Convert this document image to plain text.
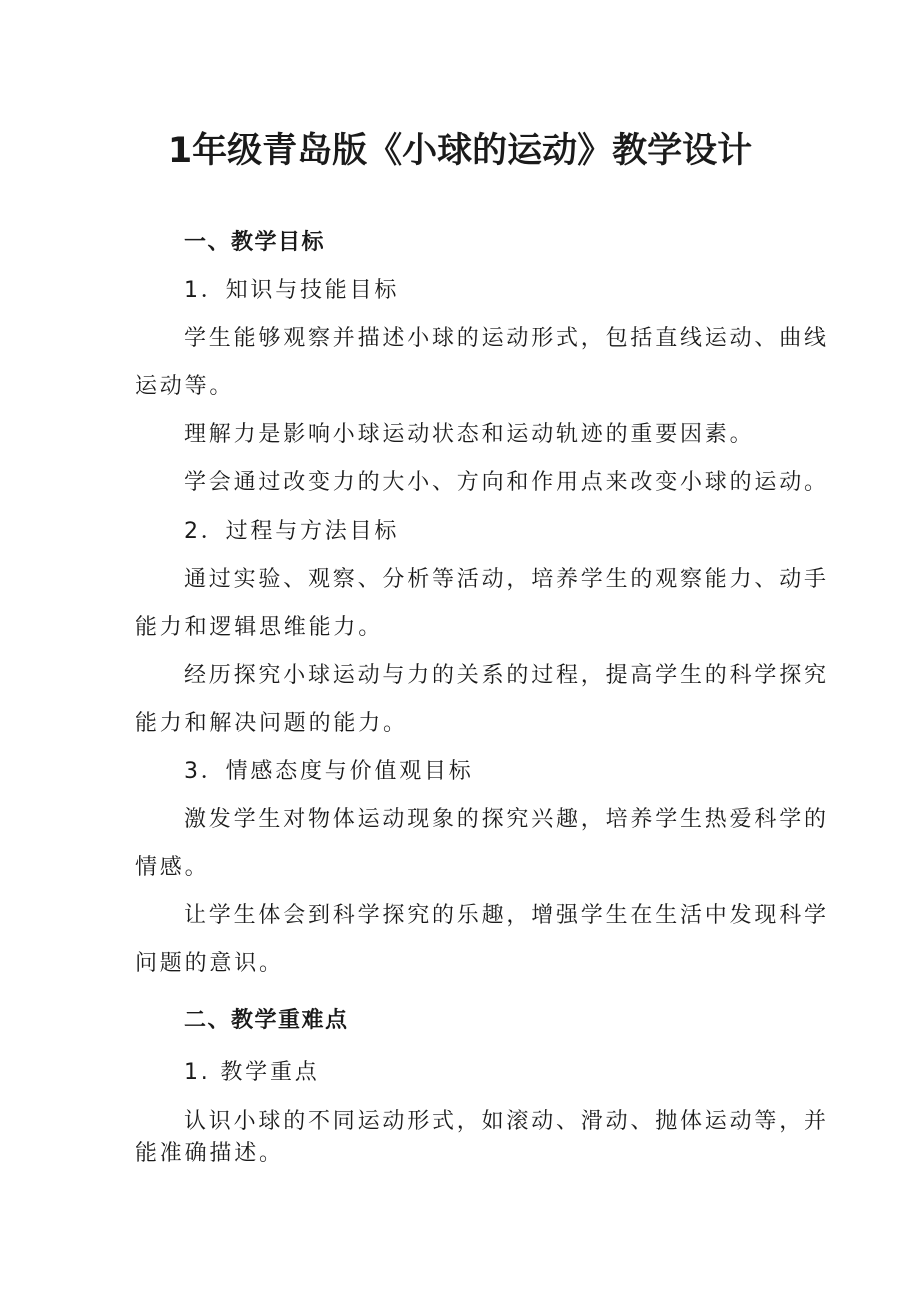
1年级青岛版《小球的运动》教学设计

一、教学目标

1．知识与技能目标

学生能够观察并描述小球的运动形式，包括直线运动、曲线

运动等。

理解力是影响小球运动状态和运动轨迹的重要因素。

学会通过改变力的大小、方向和作用点来改变小球的运动。

2．过程与方法目标

通过实验、观察、分析等活动，培养学生的观察能力、动手

能力和逻辑思维能力。

经历探究小球运动与力的关系的过程，提高学生的科学探究

能力和解决问题的能力。

3．情感态度与价值观目标

激发学生对物体运动现象的探究兴趣，培养学生热爱科学的

情感。

让学生体会到科学探究的乐趣，增强学生在生活中发现科学

问题的意识。

二、教学重难点

1. 教学重点

认识小球的不同运动形式，如滚动、滑动、抛体运动等，并

能准确描述。
